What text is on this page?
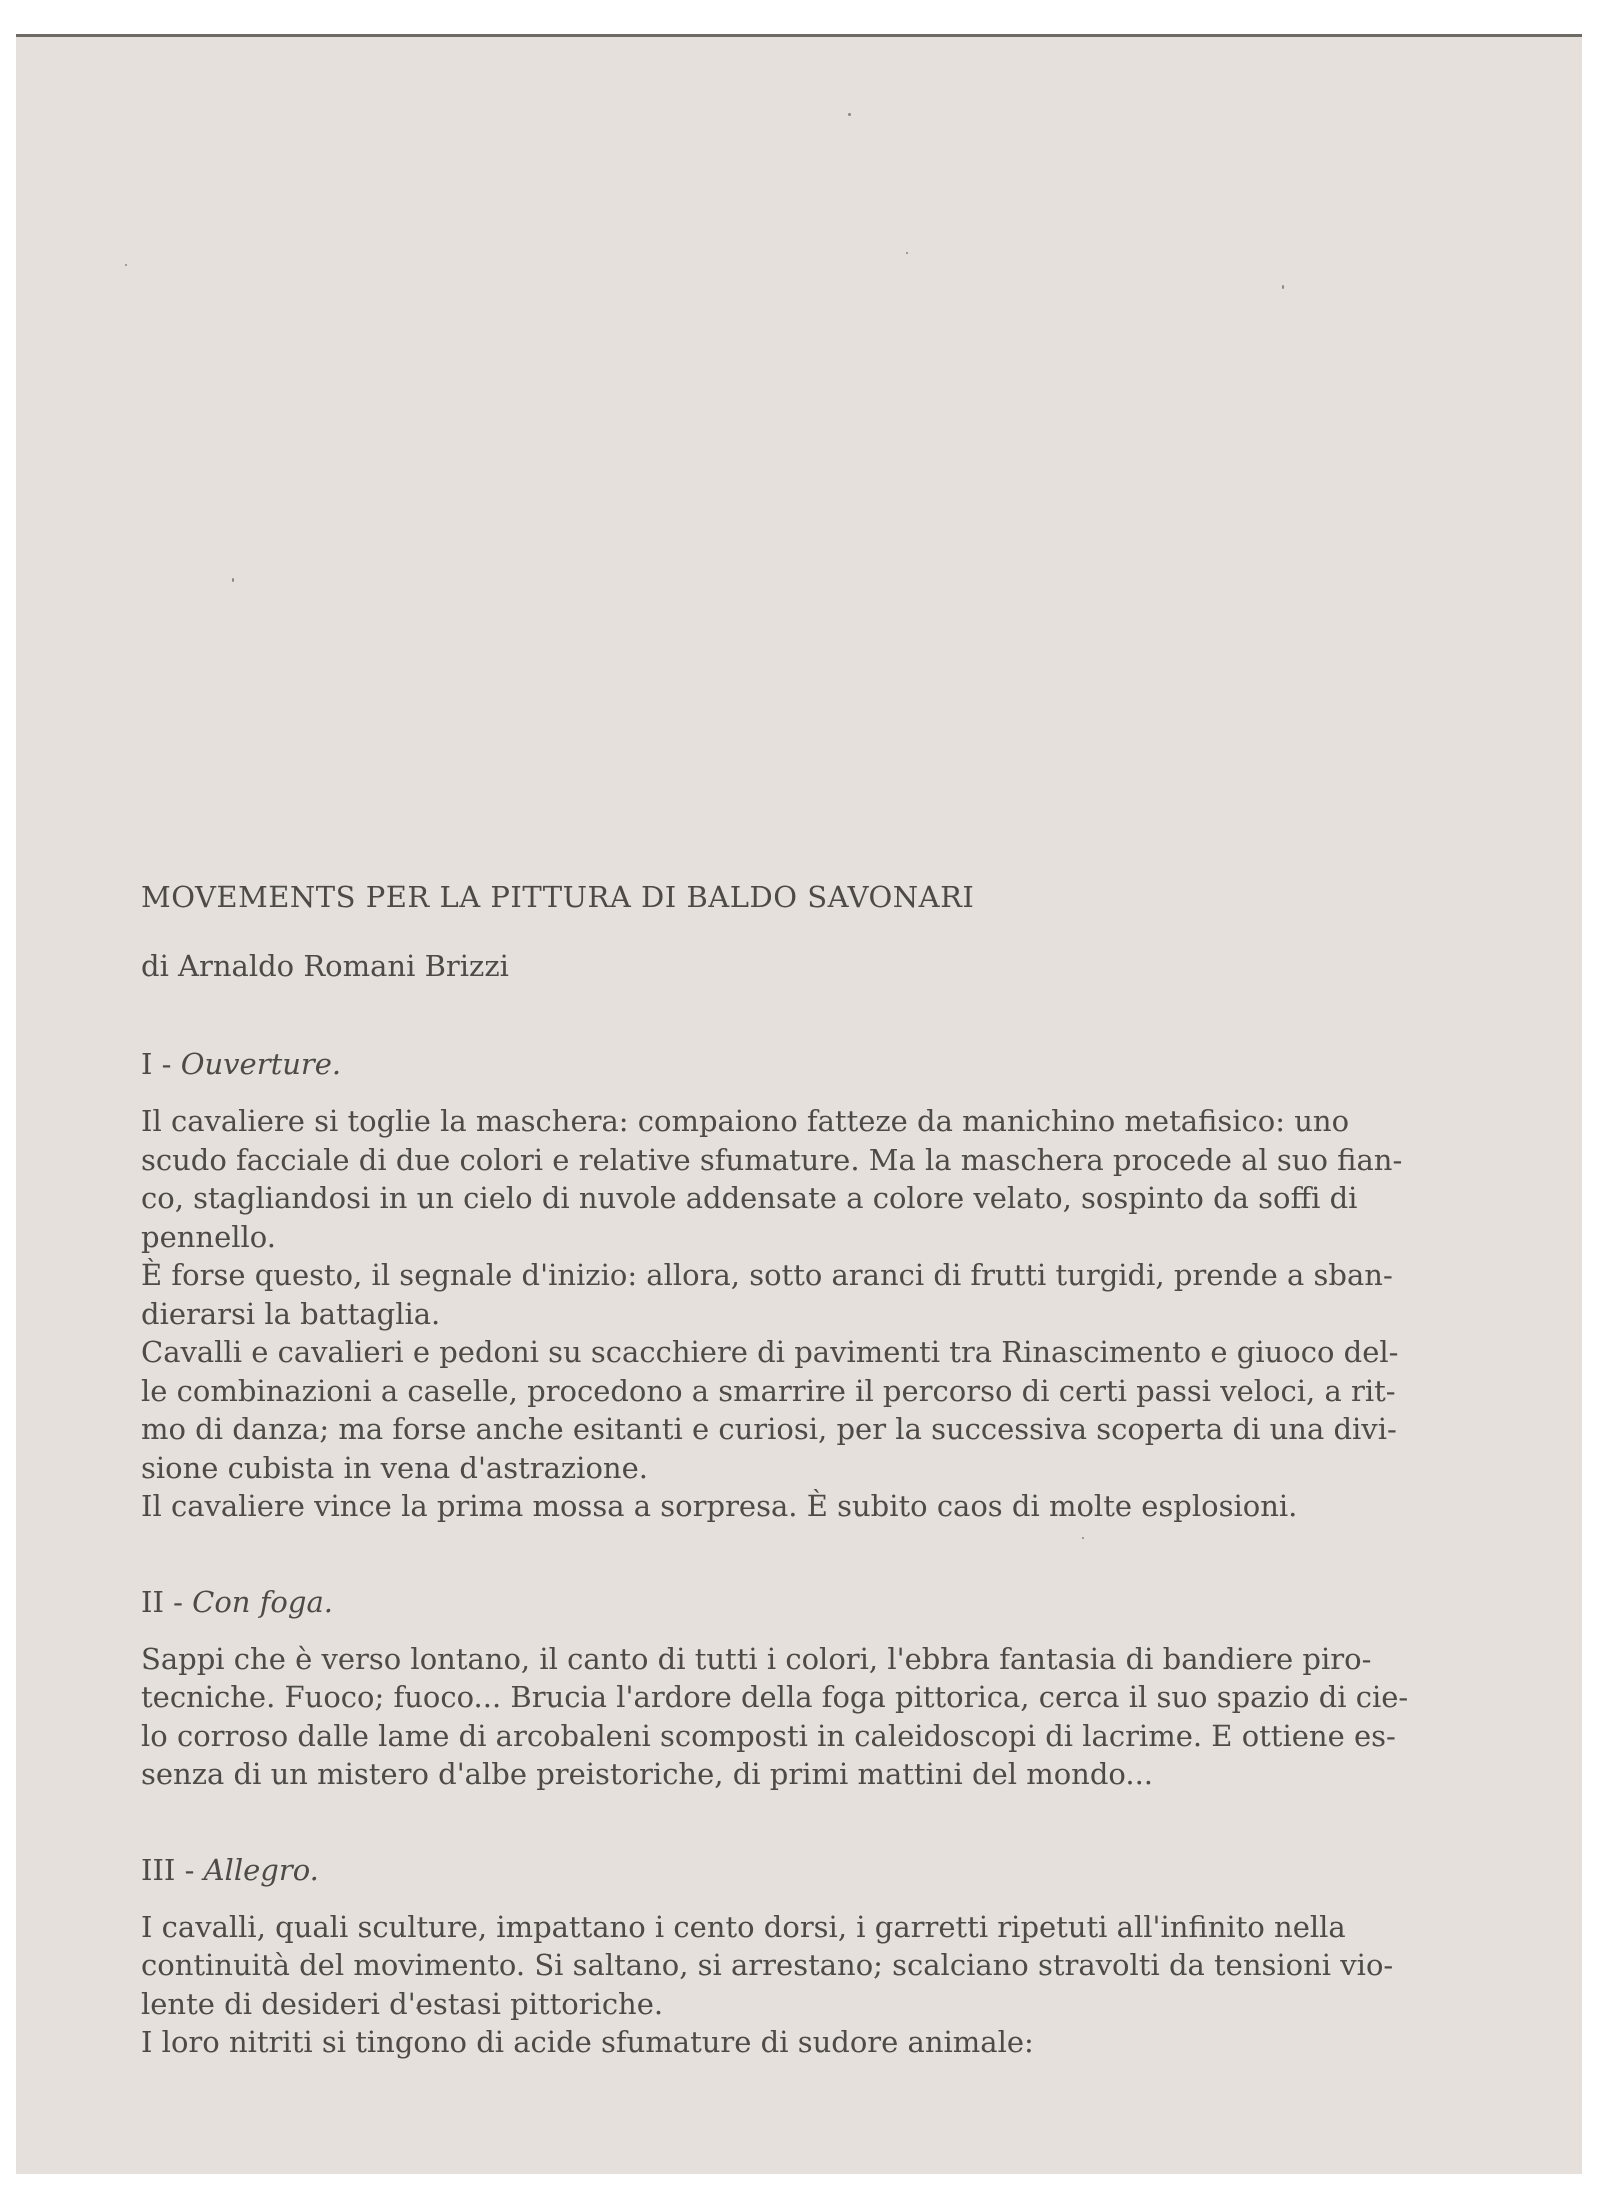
MOVEMENTS PER LA PITTURA DI BALDO SAVONARI
di Arnaldo Romani Brizzi
I - Ouverture.
Il cavaliere si toglie la maschera: compaiono fatteze da manichino metafisico: uno
scudo facciale di due colori e relative sfumature. Ma la maschera procede al suo fian-
co, stagliandosi in un cielo di nuvole addensate a colore velato, sospinto da soffi di
pennello.
È forse questo, il segnale d'inizio: allora, sotto aranci di frutti turgidi, prende a sban-
dierarsi la battaglia.
Cavalli e cavalieri e pedoni su scacchiere di pavimenti tra Rinascimento e giuoco del-
le combinazioni a caselle, procedono a smarrire il percorso di certi passi veloci, a rit-
mo di danza; ma forse anche esitanti e curiosi, per la successiva scoperta di una divi-
sione cubista in vena d'astrazione.
Il cavaliere vince la prima mossa a sorpresa. È subito caos di molte esplosioni.
II - Con foga.
Sappi che è verso lontano, il canto di tutti i colori, l'ebbra fantasia di bandiere piro-
tecniche. Fuoco; fuoco... Brucia l'ardore della foga pittorica, cerca il suo spazio di cie-
lo corroso dalle lame di arcobaleni scomposti in caleidoscopi di lacrime. E ottiene es-
senza di un mistero d'albe preistoriche, di primi mattini del mondo...
III - Allegro.
I cavalli, quali sculture, impattano i cento dorsi, i garretti ripetuti all'infinito nella
continuità del movimento. Si saltano, si arrestano; scalciano stravolti da tensioni vio-
lente di desideri d'estasi pittoriche.
I loro nitriti si tingono di acide sfumature di sudore animale:
